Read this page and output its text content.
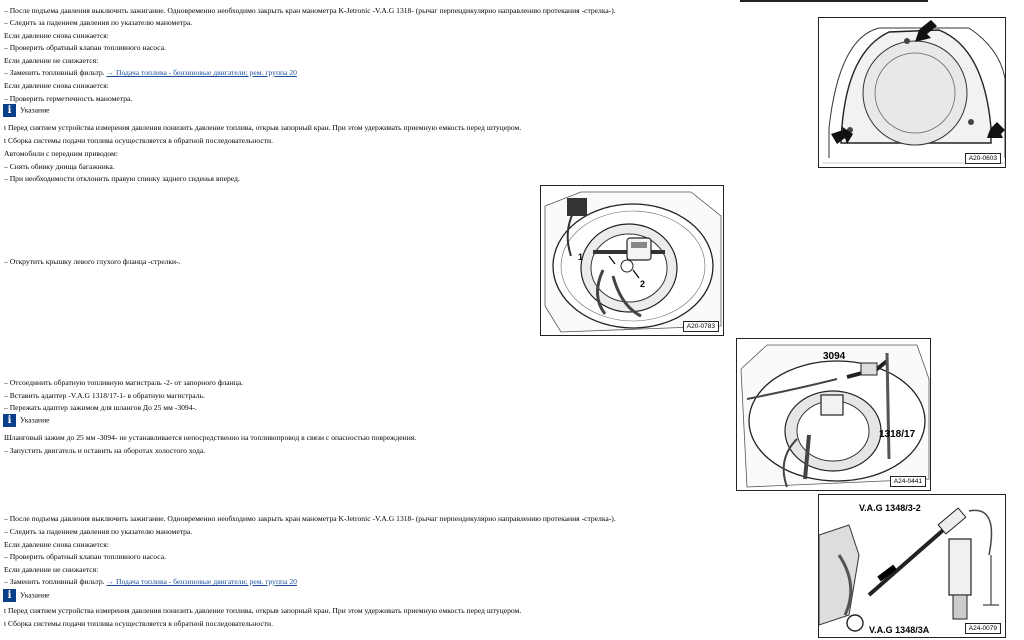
– После подъема давления выключить зажигание. Одновременно необходимо закрыть кран манометра K-Jetronic -V.A.G 1318- (рычаг перпендикулярно направлению протекания -стрелка-).
– Следить за падением давления по указателю манометра.
Если давление снова снижается:
– Проверить обратный клапан топливного насоса.
Если давление не снижается:
– Заменить топливный фильтр. → Подача топлива - бензиновые двигатели; рем. группа 20
Если давление снова снижается:
– Проверить герметичность манометра.
i Указание
t Перед снятием устройства измерения давления понизить давление топлива, открыв запорный кран. При этом удерживать приемную емкость перед штуцером.
t Сборка системы подачи топлива осуществляется в обратной последовательности.
Автомобили с передним приводом:
– Снять обивку днища багажника.
– При необходимости отклонить правую спинку заднего сиденья вперед.
– Открутить крышку левого глухого фланца -стрелки-.
– Отсоединить обратную топливную магистраль -2- от запорного фланца.
– Вставить адаптер -V.A.G 1318/17-1- в обратную магистраль.
– Пережать адаптер зажимом для шлангов До 25 мм -3094-.
i Указание
Шланговый зажим до 25 мм -3094- не устанавливается непосредственно на топливопровод в связи с опасностью повреждения.
– Запустить двигатель и оставить на оборотах холостого хода.
– После подъема давления выключить зажигание. Одновременно необходимо закрыть кран манометра K-Jetronic -V.A.G 1318- (рычаг перпендикулярно направлению протекания -стрелка-).
– Следить за падением давления по указателю манометра.
Если давление снова снижается:
– Проверить обратный клапан топливного насоса.
Если давление не снижается:
– Заменить топливный фильтр. → Подача топлива - бензиновые двигатели; рем. группа 20
i Указание
t Перед снятием устройства измерения давления понизить давление топлива, открыв запорный кран. При этом удерживать приемную емкость перед штуцером.
t Сборка системы подачи топлива осуществляется в обратной последовательности.
A20-0603
1
2
A20-0783
3094
1318/17
A24-0441
V.A.G 1348/3-2
V.A.G 1348/3A	A24-0079
